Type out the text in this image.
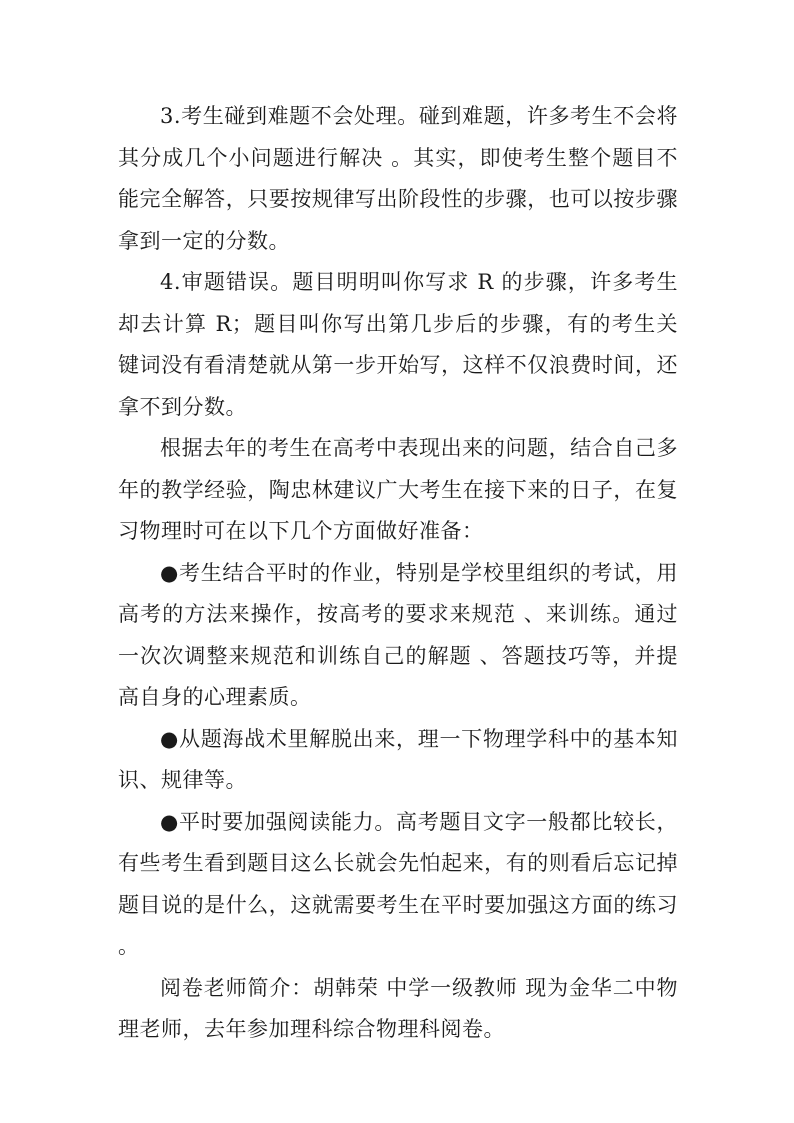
3.考生碰到难题不会处理。碰到难题，许多考生不会将其分成几个小问题进行解决 。其实，即使考生整个题目不能完全解答，只要按规律写出阶段性的步骤，也可以按步骤拿到一定的分数。

4.审题错误。题目明明叫你写求 R 的步骤，许多考生却去计算 R；题目叫你写出第几步后的步骤，有的考生关键词没有看清楚就从第一步开始写，这样不仅浪费时间，还拿不到分数。

根据去年的考生在高考中表现出来的问题，结合自己多年的教学经验，陶忠林建议广大考生在接下来的日子，在复习物理时可在以下几个方面做好准备：

●考生结合平时的作业，特别是学校里组织的考试，用高考的方法来操作，按高考的要求来规范 、来训练。通过一次次调整来规范和训练自己的解题 、答题技巧等，并提高自身的心理素质。

●从题海战术里解脱出来，理一下物理学科中的基本知识、规律等。

●平时要加强阅读能力。高考题目文字一般都比较长，有些考生看到题目这么长就会先怕起来，有的则看后忘记掉题目说的是什么，这就需要考生在平时要加强这方面的练习 。

阅卷老师简介：胡韩荣 中学一级教师 现为金华二中物理老师，去年参加理科综合物理科阅卷。
